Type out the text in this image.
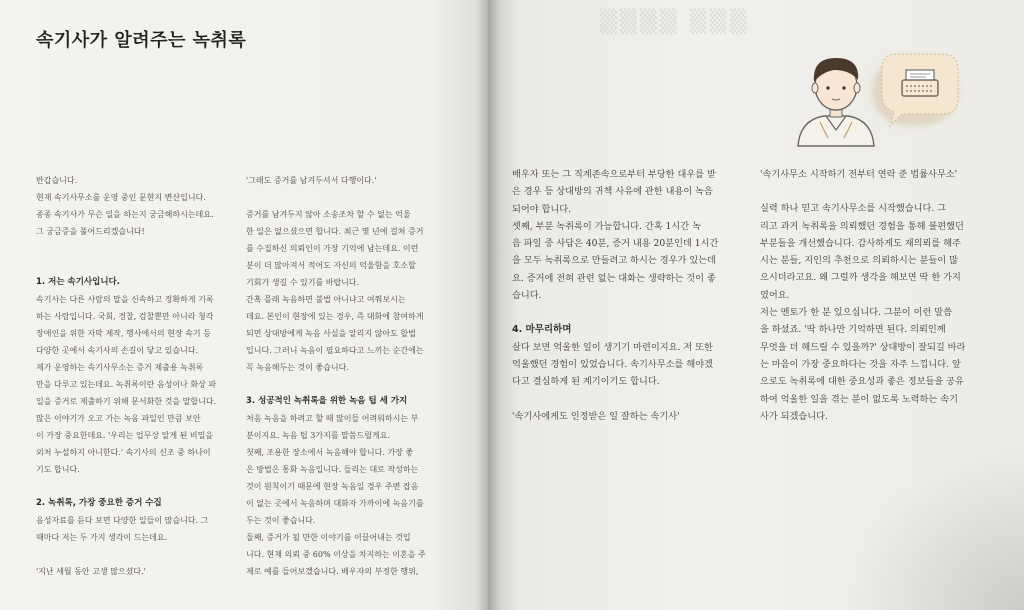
속기사가 알려주는 녹취록
▒▒▒▒ ▒▒▒
반갑습니다.
현재 속기사무소를 운영 중인 문현지 변산입니다.
종종 속기사가 무슨 일을 하는지 궁금해하시는데요.
그 궁금증을 풀어드리겠습니다!
1. 저는 속기사입니다.
속기사는 다른 사람의 말을 신속하고 정확하게 기록
하는 사람입니다. 국회, 경찰, 검찰뿐만 아니라 청각
장애인을 위한 자막 제작, 행사에서의 현장 속기 등
다양한 곳에서 속기사의 손길이 닿고 있습니다.
제가 운영하는 속기사무소는 증거 제출용 녹취록
만을 다루고 있는데요. 녹취록이란 음성이나 화상 파
일을 증거로 제출하기 위해 문서화한 것을 말합니다.
많은 이야기가 오고 가는 녹음 파일인 만큼 보안
이 가장 중요한데요. '우리는 업무상 알게 된 비밀을
외처 누설하지 아니한다.' 속기사의 신조 중 하나이
기도 합니다.
2. 녹취록, 가장 중요한 증거 수집
음성자료를 듣다 보면 다양한 일들이 많습니다. 그
때마다 저는 두 가지 생각이 드는데요.
'지난 세월 동안 고생 많으셨다.'
'그래도 증거를 남겨두셔서 다행이다.'
증거를 남겨두지 않아 소송조차 할 수 없는 억울
한 일은 없으셨으면 합니다. 최근 몇 년에 걸쳐 증거
를 수집하신 의뢰인이 가장 기억에 남는데요. 이런
분이 더 많아져서 적어도 자신의 억울함을 호소할
기회가 생길 수 있기를 바랍니다.
간혹 몰래 녹음하면 불법 아니냐고 여쭤보시는
데요. 본인이 현장에 있는 경우, 즉 대화에 참여하게
되면 상대방에게 녹음 사실을 알리지 않아도 합법
입니다. 그러니 녹음이 필요하다고 느끼는 순간에는
꼭 녹음해두는 것이 좋습니다.
3. 성공적인 녹취록을 위한 녹음 팁 세 가지
처음 녹음을 하려고 할 때 많이들 어려워하시는 부
분이지요. 녹음 팁 3가지를 말씀드릴게요.
첫째, 조용한 장소에서 녹음해야 합니다. 가장 좋
은 방법은 통화 녹음입니다. 들리는 대로 작성하는
것이 원칙이기 때문에 현장 녹음일 경우 주변 잡음
이 없는 곳에서 녹음하며 대화자 가까이에 녹음기를
두는 것이 좋습니다.
둘째, 증거가 될 만한 이야기를 이끌어내는 것입
니다. 현재 의뢰 중 60% 이상을 차지하는 이혼을 주
제로 예를 들어보겠습니다. 배우자의 부정한 행위,
배우자 또는 그 직계존속으로부터 부당한 대우를 받
은 경우 등 상대방의 귀책 사유에 관한 내용이 녹음
되어야 합니다.
셋째, 부분 녹취록이 가능합니다. 간혹 1시간 녹
음 파일 중 사담은 40분, 증거 내용 20분인데 1시간
을 모두 녹취록으로 만들려고 하시는 경우가 있는데
요. 증거에 전혀 관련 없는 대화는 생략하는 것이 좋
습니다.
4. 마무리하며
살다 보면 억울한 일이 생기기 마련이지요. 저 또한
억울했던 경험이 있었습니다. 속기사무소를 해야겠
다고 결심하게 된 계기이기도 합니다.
'속기사에게도 인정받은 일 잘하는 속기사'
'속기사무소 시작하기 전부터 연락 준 법률사무소'
실력 하나 믿고 속기사무소를 시작했습니다. 그
리고 과거 녹취록을 의뢰했던 경험을 통해 불편했던
부분들을 개선했습니다. 감사하게도 재의뢰를 해주
시는 분들, 지인의 추천으로 의뢰하시는 분들이 많
으시더라고요. 왜 그럴까 생각을 해보면 딱 한 가지
였어요.
저는 멘토가 한 분 있으십니다. 그분이 이런 말씀
을 하셨죠. '딱 하나만 기억하면 된다. 의뢰인께
무엇을 더 해드릴 수 있을까?' 상대방이 잘되길 바라
는 마음이 가장 중요하다는 것을 자주 느낍니다. 앞
으로도 녹취록에 대한 중요성과 좋은 정보들을 공유
하여 억울한 일을 겪는 분이 없도록 노력하는 속기
사가 되겠습니다.
